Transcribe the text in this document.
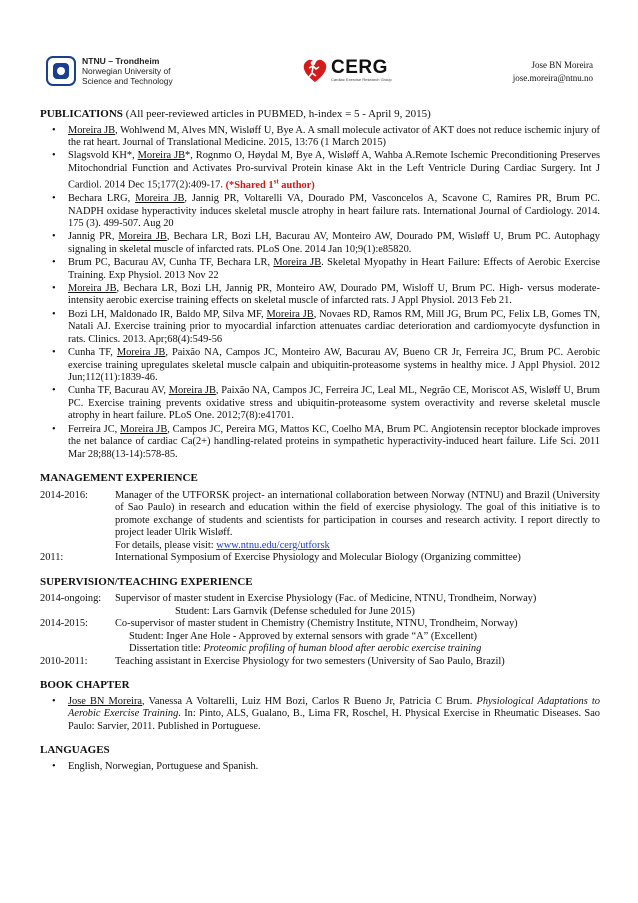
NTNU – Trondheim
Norwegian University of
Science and Technology
CERG
Cardiac Exercise Research Group
Jose BN Moreira
jose.moreira@ntnu.no

PUBLICATIONS (All peer-reviewed articles in PUBMED, h-index = 5 - April 9, 2015)

• Moreira JB, Wohlwend M, Alves MN, Wisløff U, Bye A. A small molecule activator of AKT does not reduce ischemic injury of the rat heart. Journal of Translational Medicine. 2015, 13:76 (1 March 2015)
• Slagsvold KH*, Moreira JB*, Rognmo O, Høydal M, Bye A, Wisløff A, Wahba A.Remote Ischemic Preconditioning Preserves Mitochondrial Function and Activates Pro-survival Protein kinase Akt in the Left Ventricle During Cardiac Surgery. Int J Cardiol. 2014 Dec 15;177(2):409-17. (*Shared 1st author)
• Bechara LRG, Moreira JB, Jannig PR, Voltarelli VA, Dourado PM, Vasconcelos A, Scavone C, Ramires PR, Brum PC. NADPH oxidase hyperactivity induces skeletal muscle atrophy in heart failure rats. International Journal of Cardiology. 2014. 175 (3). 499-507. Aug 20
• Jannig PR, Moreira JB, Bechara LR, Bozi LH, Bacurau AV, Monteiro AW, Dourado PM, Wisløff U, Brum PC. Autophagy signaling in skeletal muscle of infarcted rats. PLoS One. 2014 Jan 10;9(1):e85820.
• Brum PC, Bacurau AV, Cunha TF, Bechara LR, Moreira JB. Skeletal Myopathy in Heart Failure: Effects of Aerobic Exercise Training. Exp Physiol. 2013 Nov 22
• Moreira JB, Bechara LR, Bozi LH, Jannig PR, Monteiro AW, Dourado PM, Wisloff U, Brum PC. High- versus moderate-intensity aerobic exercise training effects on skeletal muscle of infarcted rats. J Appl Physiol. 2013 Feb 21.
• Bozi LH, Maldonado IR, Baldo MP, Silva MF, Moreira JB, Novaes RD, Ramos RM, Mill JG, Brum PC, Felix LB, Gomes TN, Natali AJ. Exercise training prior to myocardial infarction attenuates cardiac deterioration and cardiomyocyte dysfunction in rats. Clinics. 2013. Apr;68(4):549-56
• Cunha TF, Moreira JB, Paixão NA, Campos JC, Monteiro AW, Bacurau AV, Bueno CR Jr, Ferreira JC, Brum PC. Aerobic exercise training upregulates skeletal muscle calpain and ubiquitin-proteasome systems in healthy mice. J Appl Physiol. 2012 Jun;112(11):1839-46.
• Cunha TF, Bacurau AV, Moreira JB, Paixão NA, Campos JC, Ferreira JC, Leal ML, Negrão CE, Moriscot AS, Wisløff U, Brum PC. Exercise training prevents oxidative stress and ubiquitin-proteasome system overactivity and reverse skeletal muscle atrophy in heart failure. PLoS One. 2012;7(8):e41701.
• Ferreira JC, Moreira JB, Campos JC, Pereira MG, Mattos KC, Coelho MA, Brum PC. Angiotensin receptor blockade improves the net balance of cardiac Ca(2+) handling-related proteins in sympathetic hyperactivity-induced heart failure. Life Sci. 2011 Mar 28;88(13-14):578-85.

MANAGEMENT EXPERIENCE

2014-2016:	Manager of the UTFORSK project- an international collaboration between Norway (NTNU) and Brazil (University of Sao Paulo) in research and education within the field of exercise physiology. The goal of this initiative is to promote exchange of students and scientists for participation in courses and research activity. I report directly to project leader Ulrik Wisløff.
For details, please visit: www.ntnu.edu/cerg/utforsk
2011:	International Symposium of Exercise Physiology and Molecular Biology (Organizing committee)

SUPERVISION/TEACHING EXPERIENCE

2014-ongoing:	Supervisor of master student in Exercise Physiology (Fac. of Medicine, NTNU, Trondheim, Norway)
Student: Lars Garnvik (Defense scheduled for June 2015)
2014-2015:	Co-supervisor of master student in Chemistry (Chemistry Institute, NTNU, Trondheim, Norway)
Student: Inger Ane Hole - Approved by external sensors with grade “A” (Excellent)
Dissertation title: Proteomic profiling of human blood after aerobic exercise training
2010-2011:	Teaching assistant in Exercise Physiology for two semesters (University of Sao Paulo, Brazil)

BOOK CHAPTER

• Jose BN Moreira, Vanessa A Voltarelli, Luiz HM Bozi, Carlos R Bueno Jr, Patricia C Brum. Physiological Adaptations to Aerobic Exercise Training. In: Pinto, ALS, Gualano, B., Lima FR, Roschel, H. Physical Exercise in Rheumatic Diseases. Sao Paulo: Sarvier, 2011. Published in Portuguese.

LANGUAGES

• English, Norwegian, Portuguese and Spanish.
